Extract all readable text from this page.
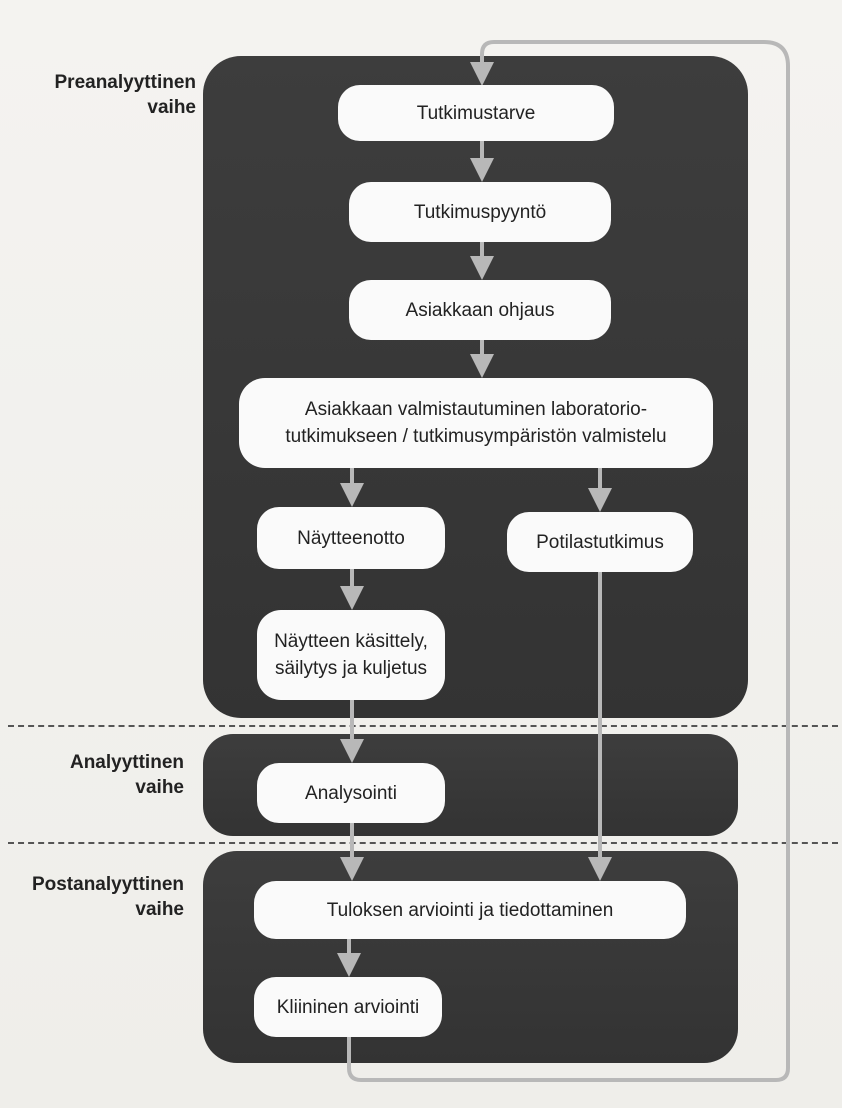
Preanalyyttinen
vaihe
Analyyttinen
vaihe
Postanalyyttinen
vaihe
Tutkimustarve
Tutkimuspyyntö
Asiakkaan ohjaus
Asiakkaan valmistautuminen laboratorio-
tutkimukseen / tutkimusympäristön valmistelu
Näytteenotto	Potilastutkimus
Näytteen käsittely,
säilytys ja kuljetus
Analysointi
Tuloksen arviointi ja tiedottaminen
Kliininen arviointi
